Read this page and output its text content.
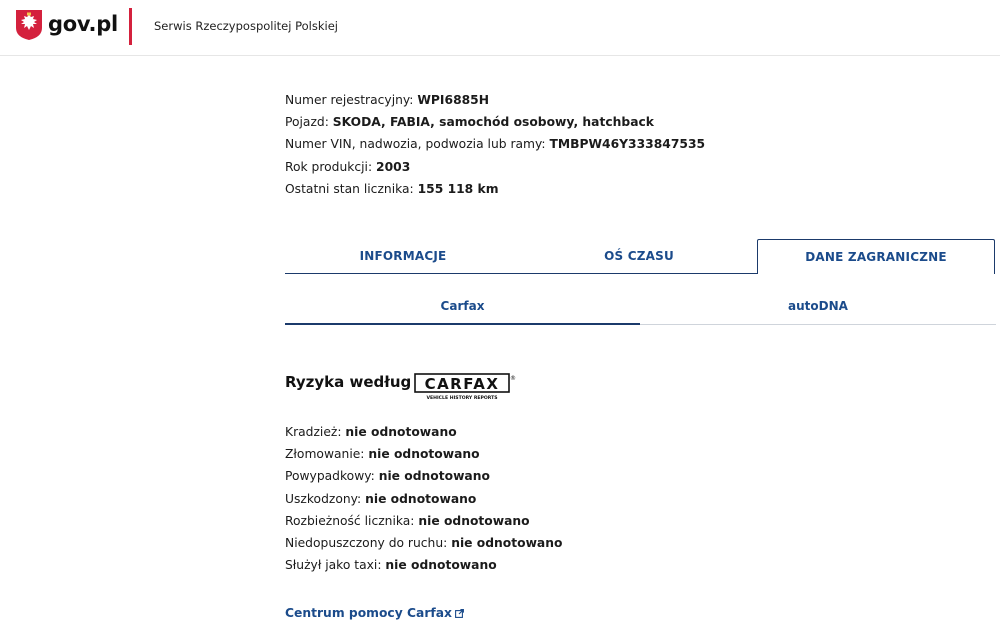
gov.pl	Serwis Rzeczypospolitej Polskiej
Numer rejestracyjny: WPI6885H
Pojazd: SKODA, FABIA, samochód osobowy, hatchback
Numer VIN, nadwozia, podwozia lub ramy: TMBPW46Y333847535
Rok produkcji: 2003
Ostatni stan licznika: 155 118 km
INFORMACJE	OŚ CZASU	DANE ZAGRANICZNE
Carfax	autoDNA
Ryzyka według CARFAX ®
VEHICLE HISTORY REPORTS
Kradzież: nie odnotowano
Złomowanie: nie odnotowano
Powypadkowy: nie odnotowano
Uszkodzony: nie odnotowano
Rozbieżność licznika: nie odnotowano
Niedopuszczony do ruchu: nie odnotowano
Służył jako taxi: nie odnotowano
Centrum pomocy Carfax
